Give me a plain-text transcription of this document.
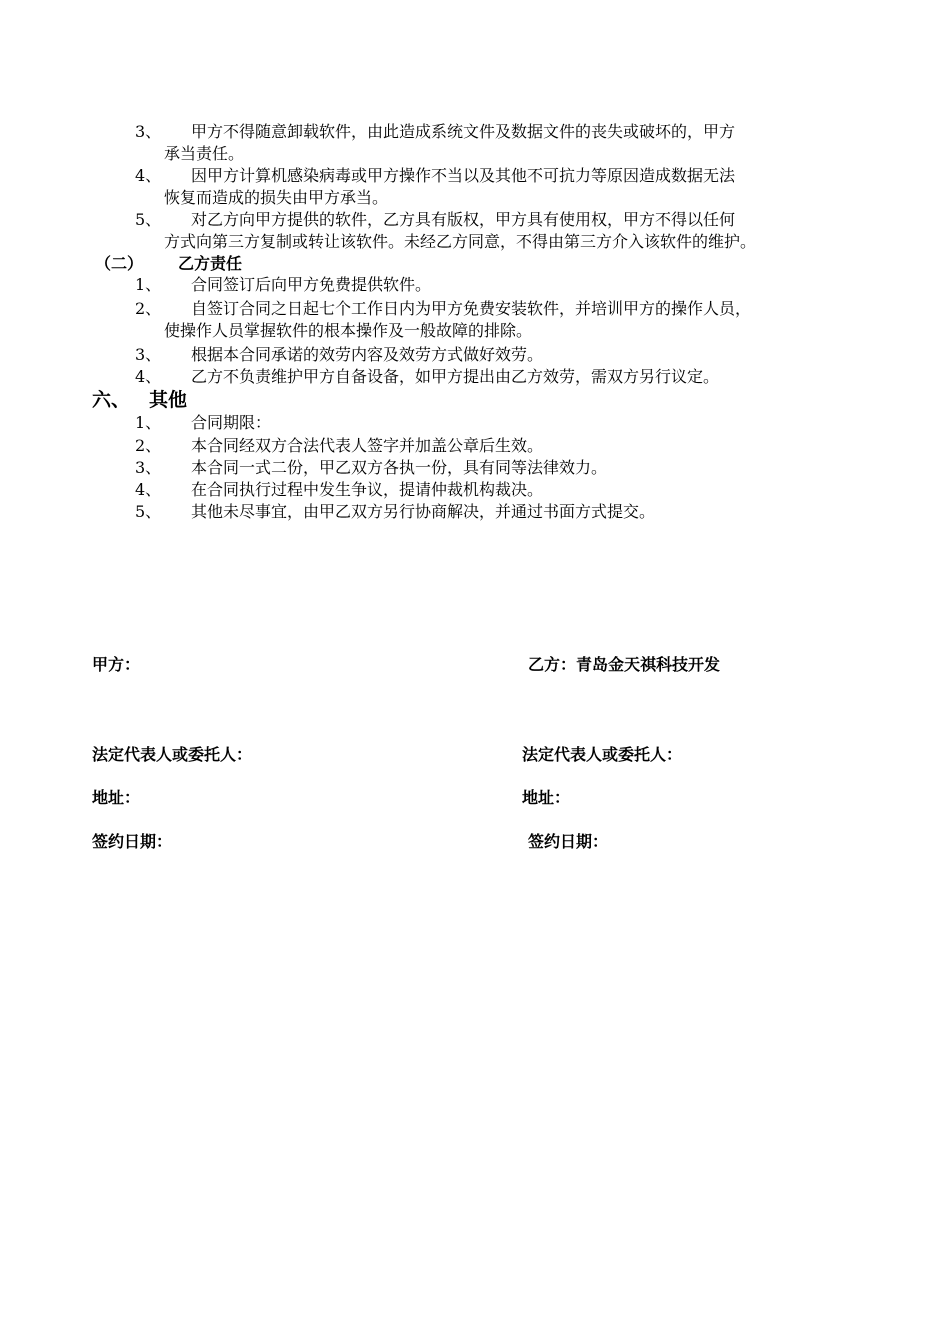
3、 甲方不得随意卸载软件，由此造成系统文件及数据文件的丧失或破坏的，甲方
承当责任。
4、 因甲方计算机感染病毒或甲方操作不当以及其他不可抗力等原因造成数据无法
恢复而造成的损失由甲方承当。
5、 对乙方向甲方提供的软件，乙方具有版权，甲方具有使用权，甲方不得以任何
方式向第三方复制或转让该软件。未经乙方同意，不得由第三方介入该软件的维护。
（二） 乙方责任
1、 合同签订后向甲方免费提供软件。
2、 自签订合同之日起七个工作日内为甲方免费安装软件，并培训甲方的操作人员，
使操作人员掌握软件的根本操作及一般故障的排除。
3、 根据本合同承诺的效劳内容及效劳方式做好效劳。
4、 乙方不负责维护甲方自备设备，如甲方提出由乙方效劳，需双方另行议定。
六、 其他
1、 合同期限：
2、 本合同经双方合法代表人签字并加盖公章后生效。
3、 本合同一式二份，甲乙双方各执一份，具有同等法律效力。
4、 在合同执行过程中发生争议，提请仲裁机构裁决。
5、 其他未尽事宜，由甲乙双方另行协商解决，并通过书面方式提交。
甲方：	乙方：青岛金天祺科技开发
法定代表人或委托人：	法定代表人或委托人：
地址：	地址：
签约日期：	签约日期：
